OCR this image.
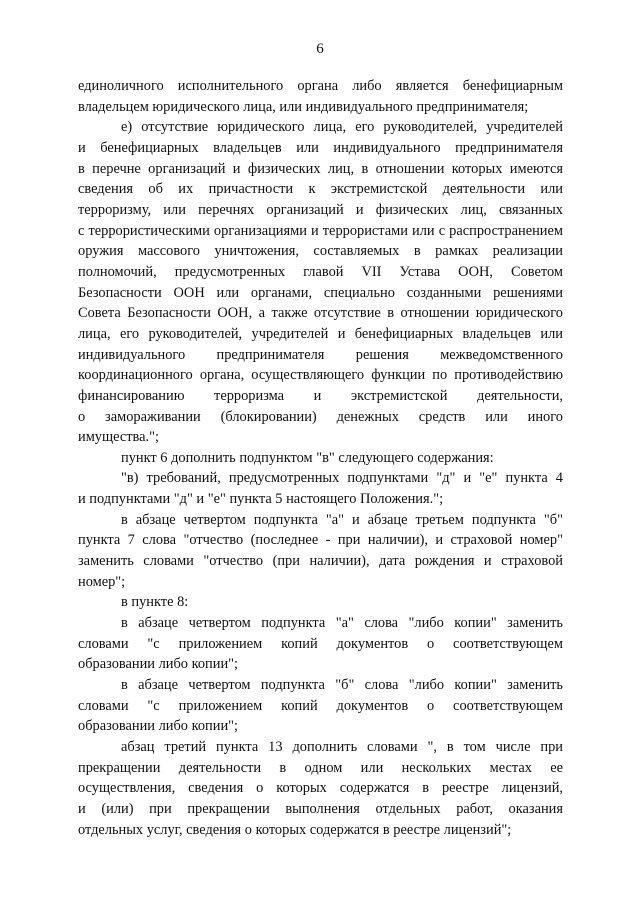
6
единоличного исполнительного органа либо является бенефициарным
владельцем юридического лица, или индивидуального предпринимателя;
е) отсутствие юридического лица, его руководителей, учредителей
и бенефициарных владельцев или индивидуального предпринимателя
в перечне организаций и физических лиц, в отношении которых имеются
сведения об их причастности к экстремистской деятельности или
терроризму, или перечнях организаций и физических лиц, связанных
с террористическими организациями и террористами или с распространением
оружия массового уничтожения, составляемых в рамках реализации
полномочий, предусмотренных главой VII Устава ООН, Советом
Безопасности ООН или органами, специально созданными решениями
Совета Безопасности ООН, а также отсутствие в отношении юридического
лица, его руководителей, учредителей и бенефициарных владельцев или
индивидуального предпринимателя решения межведомственного
координационного органа, осуществляющего функции по противодействию
финансированию терроризма и экстремистской деятельности,
о замораживании (блокировании) денежных средств или иного
имущества.";
пункт 6 дополнить подпунктом "в" следующего содержания:
"в) требований, предусмотренных подпунктами "д" и "е" пункта 4
и подпунктами "д" и "е" пункта 5 настоящего Положения.";
в абзаце четвертом подпункта "а" и абзаце третьем подпункта "б"
пункта 7 слова "отчество (последнее - при наличии), и страховой номер"
заменить словами "отчество (при наличии), дата рождения и страховой
номер";
в пункте 8:
в абзаце четвертом подпункта "а" слова "либо копии" заменить
словами "с приложением копий документов о соответствующем
образовании либо копии";
в абзаце четвертом подпункта "б" слова "либо копии" заменить
словами "с приложением копий документов о соответствующем
образовании либо копии";
абзац третий пункта 13 дополнить словами ", в том числе при
прекращении деятельности в одном или нескольких местах ее
осуществления, сведения о которых содержатся в реестре лицензий,
и (или) при прекращении выполнения отдельных работ, оказания
отдельных услуг, сведения о которых содержатся в реестре лицензий";
